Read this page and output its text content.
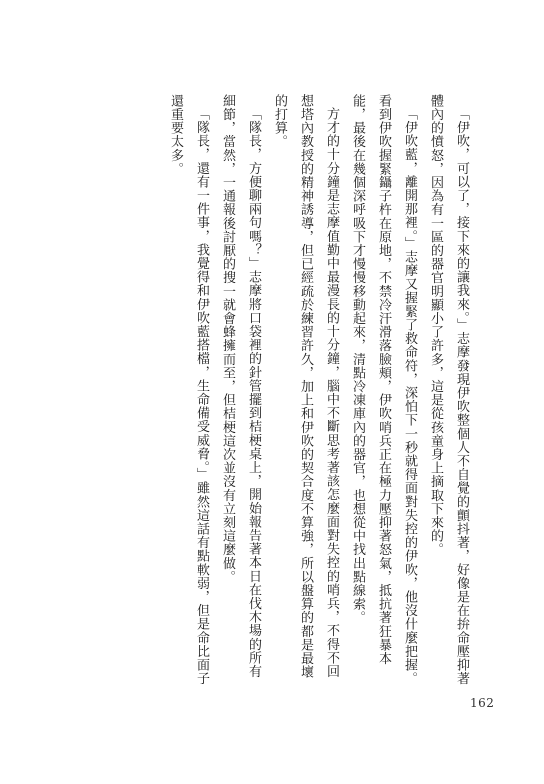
「伊吹，可以了，接下來的讓我來。」志摩發現伊吹整個人不自覺的顫抖著，好像是在拚命壓抑著體內的憤怒，因為有一區的器官明顯小了許多，這是從孩童身上摘取下來的。

「伊吹藍，離開那裡。」志摩又握緊了救命符，深怕下一秒就得面對失控的伊吹，他沒什麼把握。看到伊吹握緊鑷子杵在原地，不禁冷汗滑落臉頰，伊吹哨兵正在極力壓抑著怒氣，抵抗著狂暴本能，最後在幾個深呼吸下才慢慢移動起來，清點冷凍庫內的器官，也想從中找出點線索。

方才的十分鐘是志摩值勤中最漫長的十分鐘，腦中不斷思考著該怎麼面對失控的哨兵，不得不回想塔內教授的精神誘導，但已經疏於練習許久，加上和伊吹的契合度不算強，所以盤算的都是最壞的打算。

「隊長，方便聊兩句嗎？」志摩將口袋裡的針管擺到桔梗桌上，開始報告著本日在伐木場的所有細節，當然，一通報後討厭的搜一就會蜂擁而至，但桔梗這次並沒有立刻這麼做。

「隊長，還有一件事，我覺得和伊吹藍搭檔，生命備受威脅。」雖然這話有點軟弱，但是命比面子還重要太多。

162
